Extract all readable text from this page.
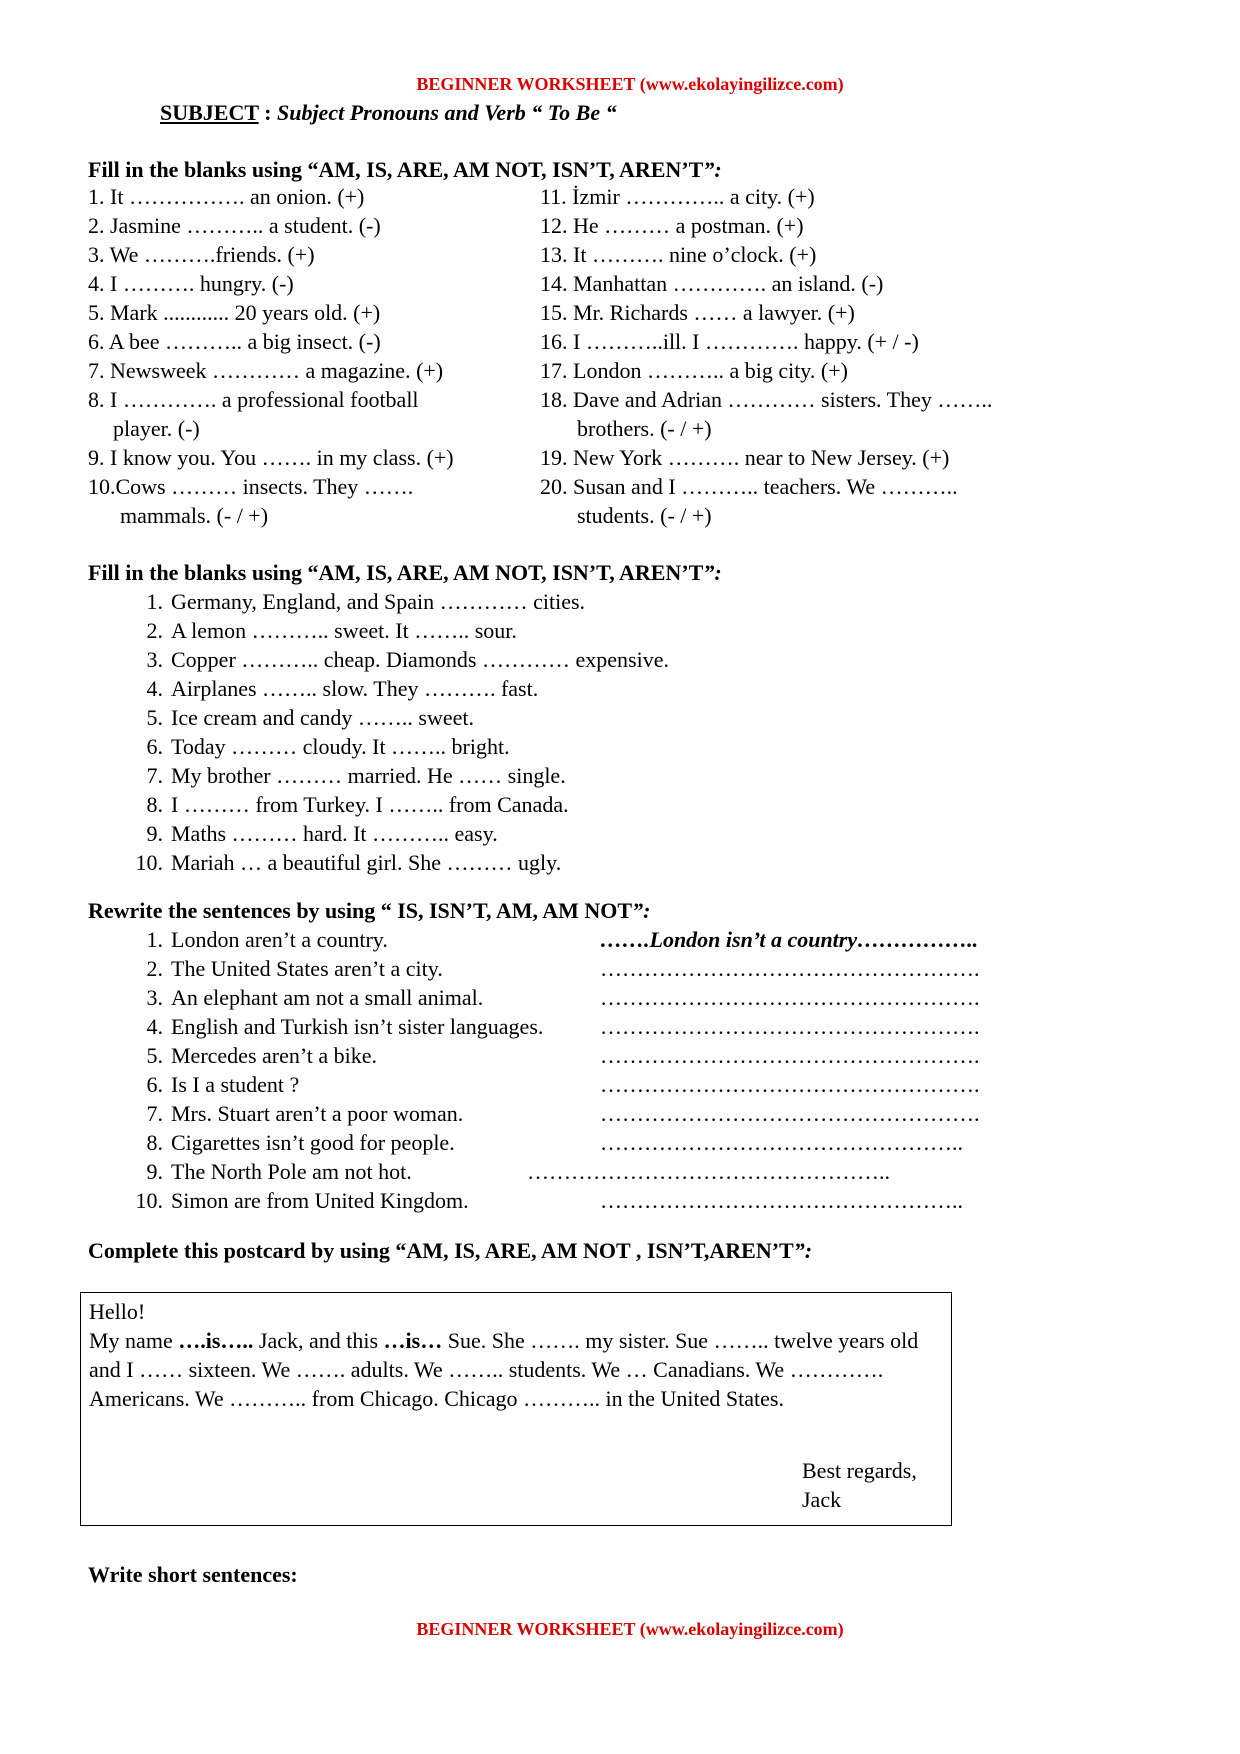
BEGINNER WORKSHEET (www.ekolayingilizce.com)
SUBJECT : Subject Pronouns and Verb “ To Be “
Fill in the blanks using “AM, IS, ARE, AM NOT, ISN’T, AREN’T”:
1. It ……………. an onion. (+)
2. Jasmine ……….. a student. (-)
3. We ……….friends. (+)
4. I ………. hungry. (-)
5. Mark ............ 20 years old. (+)
6. A bee ……….. a big insect. (-)
7. Newsweek ………… a magazine. (+)
8. I …………. a professional football
player. (-)
9. I know you. You ……. in my class. (+)
10.Cows ……… insects. They …….
mammals. (- / +)
11. İzmir ………….. a city. (+)
12. He ……… a postman. (+)
13. It ………. nine o’clock. (+)
14. Manhattan …………. an island. (-)
15. Mr. Richards …… a lawyer. (+)
16. I ………..ill. I …………. happy. (+ / -)
17. London ……….. a big city. (+)
18. Dave and Adrian ………… sisters. They ……..
brothers. (- / +)
19. New York ………. near to New Jersey. (+)
20. Susan and I ……….. teachers. We ………..
students. (- / +)
Fill in the blanks using “AM, IS, ARE, AM NOT, ISN’T, AREN’T”:
1. Germany, England, and Spain ………… cities.
2. A lemon ……….. sweet. It …….. sour.
3. Copper ……….. cheap. Diamonds ………… expensive.
4. Airplanes …….. slow. They ………. fast.
5. Ice cream and candy …….. sweet.
6. Today ……… cloudy. It …….. bright.
7. My brother ……… married. He …… single.
8. I ……… from Turkey. I …….. from Canada.
9. Maths ……… hard. It ……….. easy.
10. Mariah … a beautiful girl. She ……… ugly.
Rewrite the sentences by using “ IS, ISN’T, AM, AM NOT”:
1. London aren’t a country.	…….London isn’t a country……………..
2. The United States aren’t a city.	…………………………………………….
3. An elephant am not a small animal.	…………………………………………….
4. English and Turkish isn’t sister languages.	…………………………………………….
5. Mercedes aren’t a bike.	…………………………………………….
6. Is I a student ?	…………………………………………….
7. Mrs. Stuart aren’t a poor woman.	…………………………………………….
8. Cigarettes isn’t good for people.	…………………………………………..
9. The North Pole am not hot.	…………………………………………..
10. Simon are from United Kingdom.	…………………………………………..
Complete this postcard by using “AM, IS, ARE, AM NOT , ISN’T,AREN’T”:
Hello!
My name ….is….. Jack, and this …is… Sue. She ……. my sister. Sue …….. twelve years old and I …… sixteen. We ……. adults. We …….. students. We … Canadians. We …………. Americans. We ……….. from Chicago. Chicago ……….. in the United States.
Best regards,
Jack
Write short sentences:
BEGINNER WORKSHEET (www.ekolayingilizce.com)
